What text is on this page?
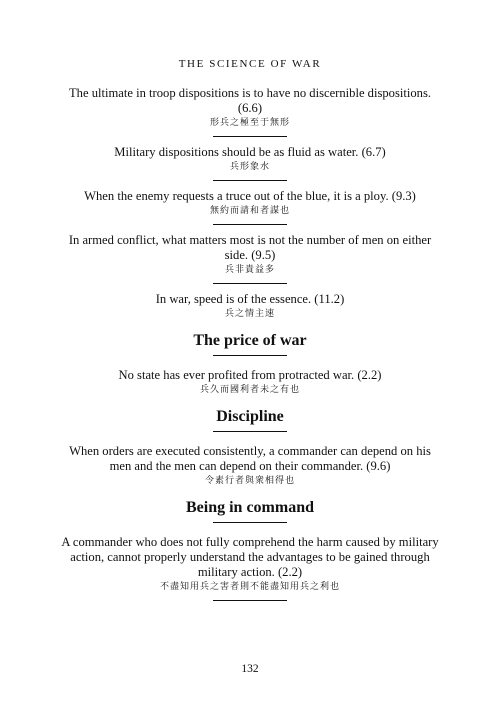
THE SCIENCE OF WAR
The ultimate in troop dispositions is to have no discernible dispositions. (6.6)
形兵之極至于無形
Military dispositions should be as fluid as water. (6.7)
兵形象水
When the enemy requests a truce out of the blue, it is a ploy. (9.3)
無約而請和者謀也
In armed conflict, what matters most is not the number of men on either side. (9.5)
兵非貴益多
In war, speed is of the essence. (11.2)
兵之情主速
The price of war
No state has ever profited from protracted war. (2.2)
兵久而國利者未之有也
Discipline
When orders are executed consistently, a commander can depend on his men and the men can depend on their commander. (9.6)
令素行者與衆相得也
Being in command
A commander who does not fully comprehend the harm caused by military action, cannot properly understand the advantages to be gained through military action. (2.2)
不盡知用兵之害者則不能盡知用兵之利也
132
